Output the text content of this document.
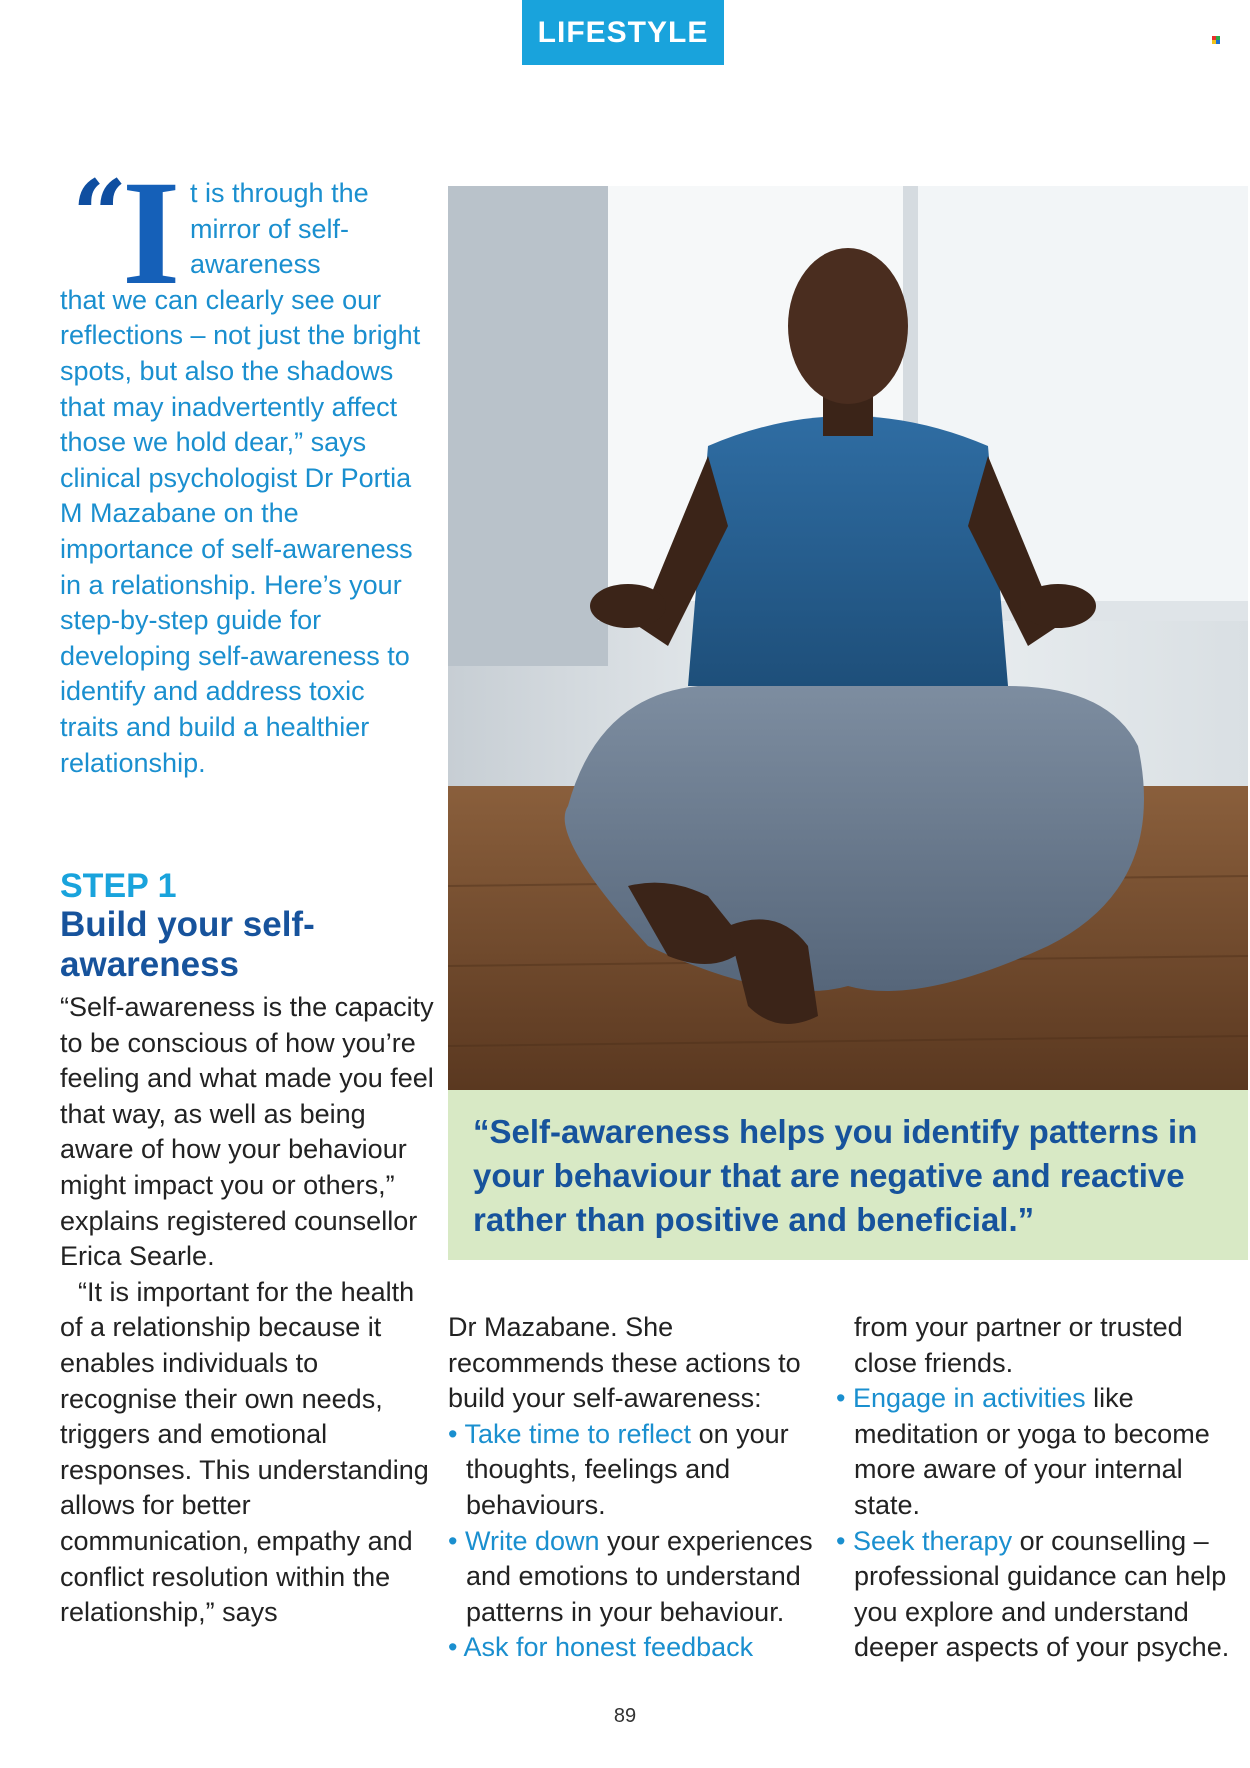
LIFESTYLE
“ I t is through the mirror of self-awareness
that we can clearly see our reflections – not just the bright spots, but also the shadows that may inadvertently affect those we hold dear,” says clinical psychologist Dr Portia M Mazabane on the importance of self-awareness in a relationship. Here’s your step-by-step guide for developing self-awareness to identify and address toxic traits and build a healthier relationship.
STEP 1
Build your self-awareness

“Self-awareness is the capacity to be conscious of how you’re feeling and what made you feel that way, as well as being aware of how your behaviour might impact you or others,” explains registered counsellor Erica Searle.

“It is important for the health of a relationship because it enables individuals to recognise their own needs, triggers and emotional responses. This understanding allows for better communication, empathy and conflict resolution within the relationship,” says

“Self-awareness helps you identify patterns in your behaviour that are negative and reactive rather than positive and beneficial.”

Dr Mazabane. She recommends these actions to build your self-awareness:

• Take time to reflect on your thoughts, feelings and behaviours.

• Write down your experiences and emotions to understand patterns in your behaviour.

• Ask for honest feedback

from your partner or trusted close friends.

• Engage in activities like meditation or yoga to become more aware of your internal state.

• Seek therapy or counselling – professional guidance can help you explore and understand deeper aspects of your psyche.

89
